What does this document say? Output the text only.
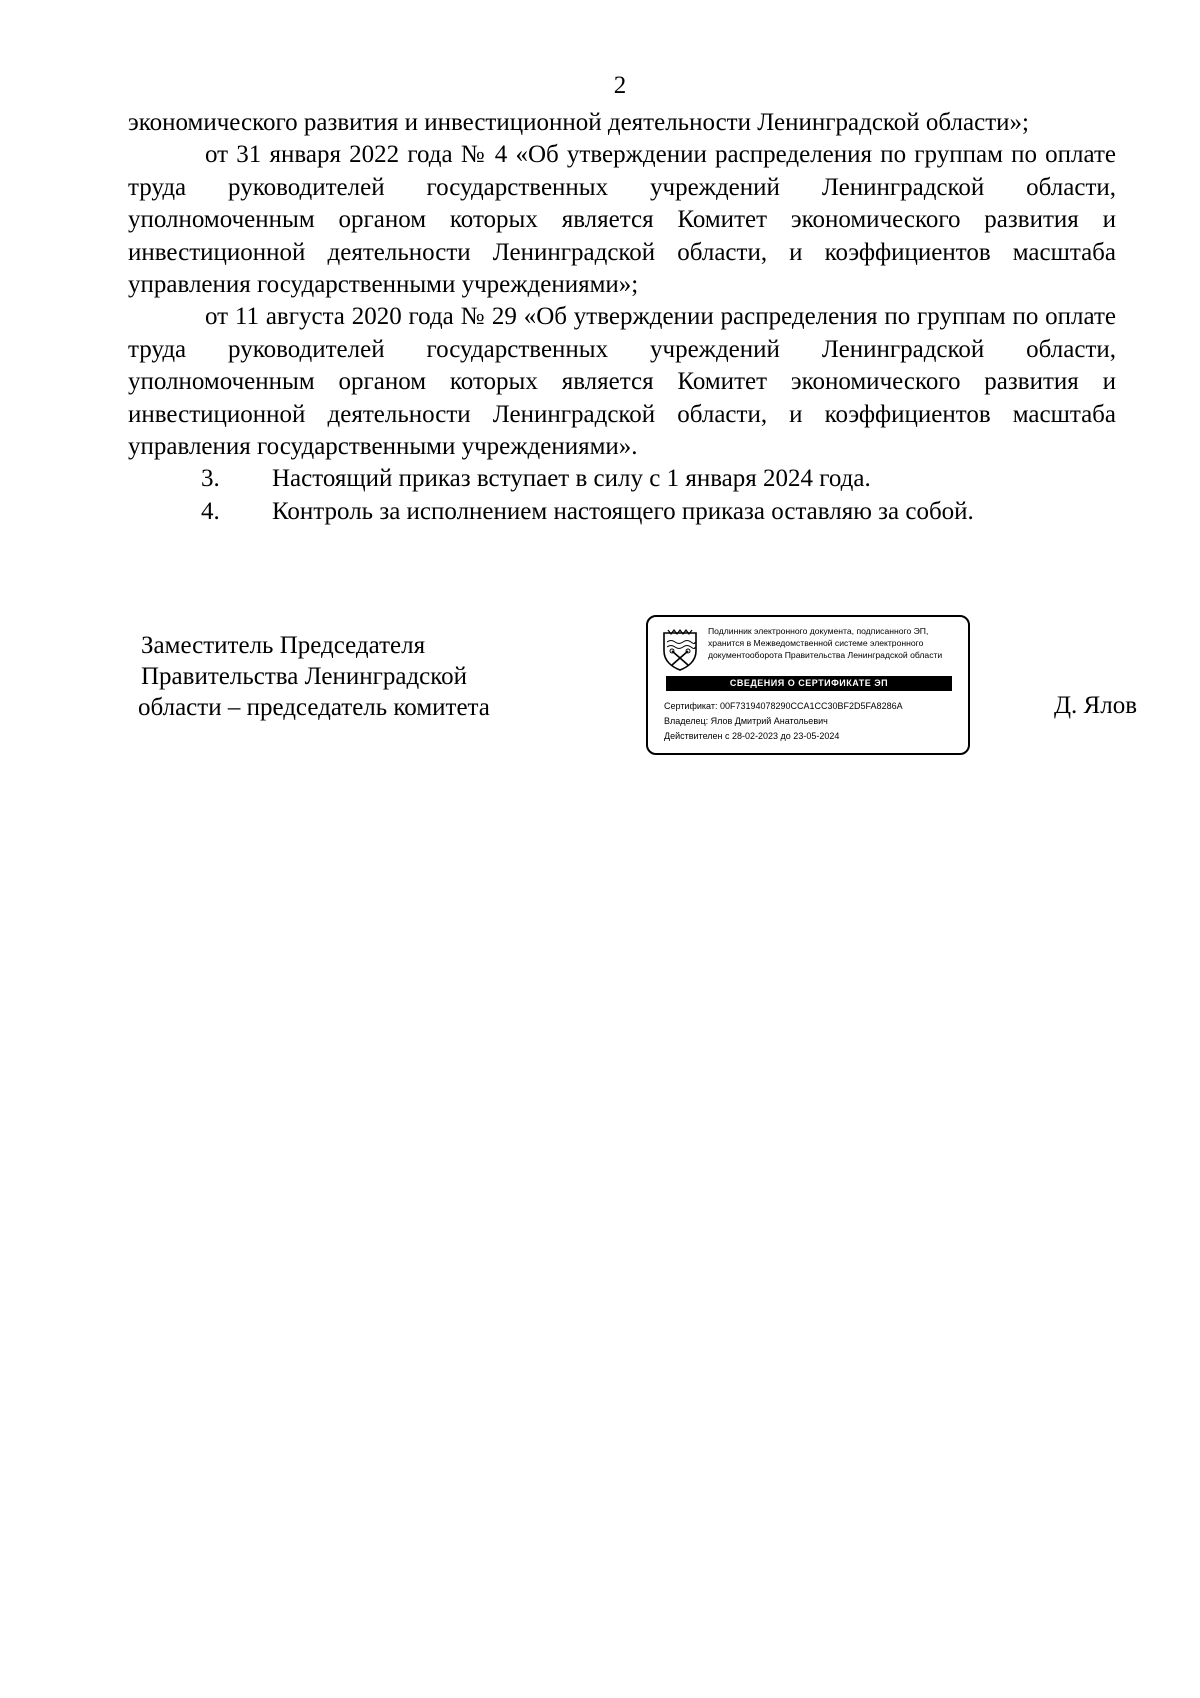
2

экономического развития и инвестиционной деятельности Ленинградской области»;

от 31 января 2022 года № 4 «Об утверждении распределения по группам по оплате труда руководителей государственных учреждений Ленинградской области, уполномоченным органом которых является Комитет экономического развития и инвестиционной деятельности Ленинградской области, и коэффициентов масштаба управления государственными учреждениями»;

от 11 августа 2020 года № 29 «Об утверждении распределения по группам по оплате труда руководителей государственных учреждений Ленинградской области, уполномоченным органом которых является Комитет экономического развития и инвестиционной деятельности Ленинградской области, и коэффициентов масштаба управления государственными учреждениями».

3.	Настоящий приказ вступает в силу с 1 января 2024 года.
4.	Контроль за исполнением настоящего приказа оставляю за собой.
Заместитель Председателя
Правительства Ленинградской
области – председатель комитета
Подлинник электронного документа, подписанного ЭП,
хранится в Межведомственной системе электронного
документооборота Правительства Ленинградской области
СВЕДЕНИЯ О СЕРТИФИКАТЕ ЭП
Сертификат: 00F73194078290CCA1CC30BF2D5FA8286A
Владелец: Ялов Дмитрий Анатольевич
Действителен с 28-02-2023 до 23-05-2024
Д. Ялов
